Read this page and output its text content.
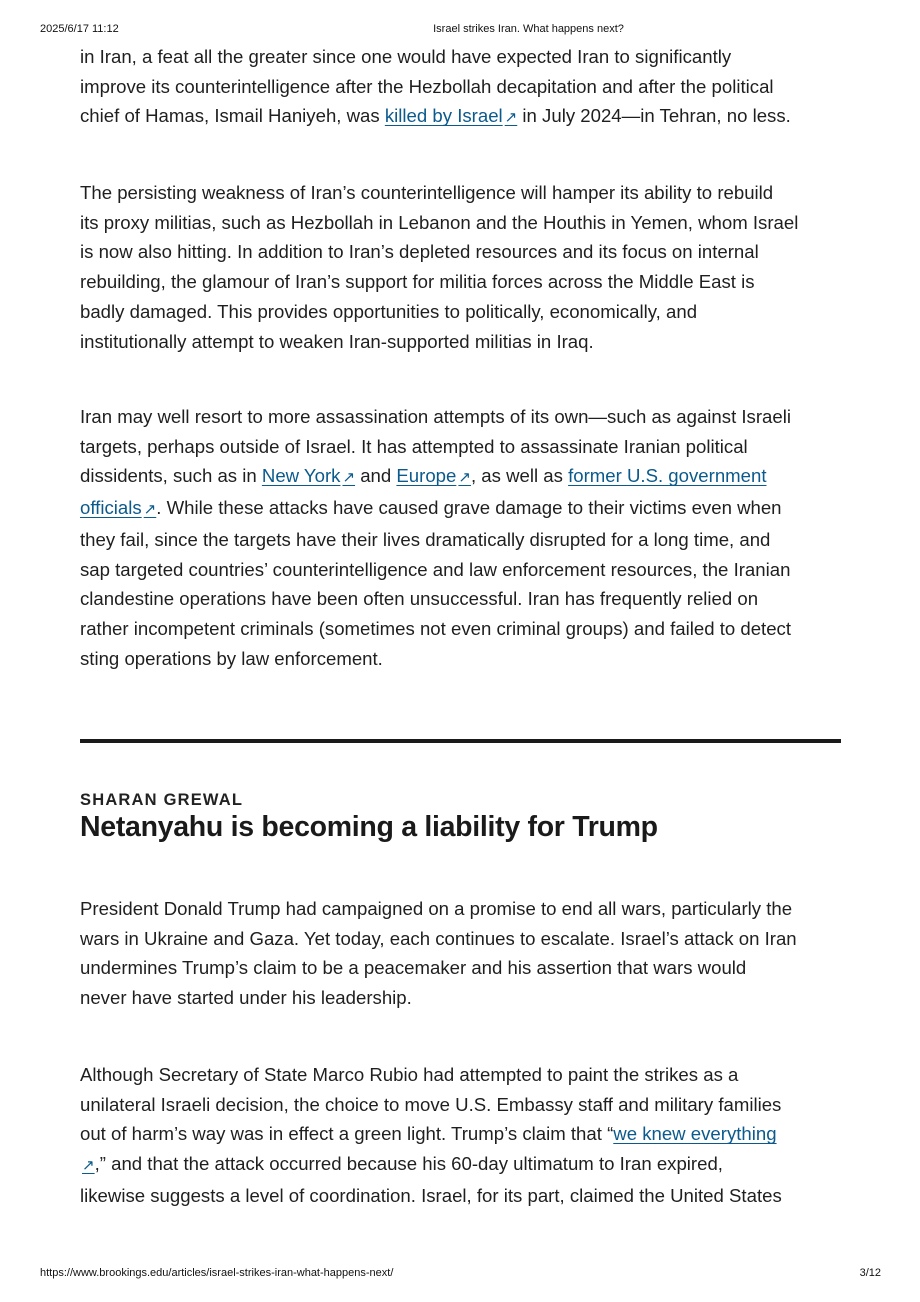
2025/6/17 11:12	Israel strikes Iran. What happens next?

in Iran, a feat all the greater since one would have expected Iran to significantly
improve its counterintelligence after the Hezbollah decapitation and after the political
chief of Hamas, Ismail Haniyeh, was killed by Israel ↗ in July 2024—in Tehran, no less.

The persisting weakness of Iran’s counterintelligence will hamper its ability to rebuild
its proxy militias, such as Hezbollah in Lebanon and the Houthis in Yemen, whom Israel
is now also hitting. In addition to Iran’s depleted resources and its focus on internal
rebuilding, the glamour of Iran’s support for militia forces across the Middle East is
badly damaged. This provides opportunities to politically, economically, and
institutionally attempt to weaken Iran-supported militias in Iraq.

Iran may well resort to more assassination attempts of its own—such as against Israeli
targets, perhaps outside of Israel. It has attempted to assassinate Iranian political
dissidents, such as in New York ↗ and Europe ↗, as well as former U.S. government
officials ↗. While these attacks have caused grave damage to their victims even when
they fail, since the targets have their lives dramatically disrupted for a long time, and
sap targeted countries’ counterintelligence and law enforcement resources, the Iranian
clandestine operations have been often unsuccessful. Iran has frequently relied on
rather incompetent criminals (sometimes not even criminal groups) and failed to detect
sting operations by law enforcement.

SHARAN GREWAL
Netanyahu is becoming a liability for Trump

President Donald Trump had campaigned on a promise to end all wars, particularly the
wars in Ukraine and Gaza. Yet today, each continues to escalate. Israel’s attack on Iran
undermines Trump’s claim to be a peacemaker and his assertion that wars would
never have started under his leadership.

Although Secretary of State Marco Rubio had attempted to paint the strikes as a
unilateral Israeli decision, the choice to move U.S. Embassy staff and military families
out of harm’s way was in effect a green light. Trump’s claim that “we knew everything
↗,” and that the attack occurred because his 60-day ultimatum to Iran expired,
likewise suggests a level of coordination. Israel, for its part, claimed the United States

https://www.brookings.edu/articles/israel-strikes-iran-what-happens-next/	3/12
